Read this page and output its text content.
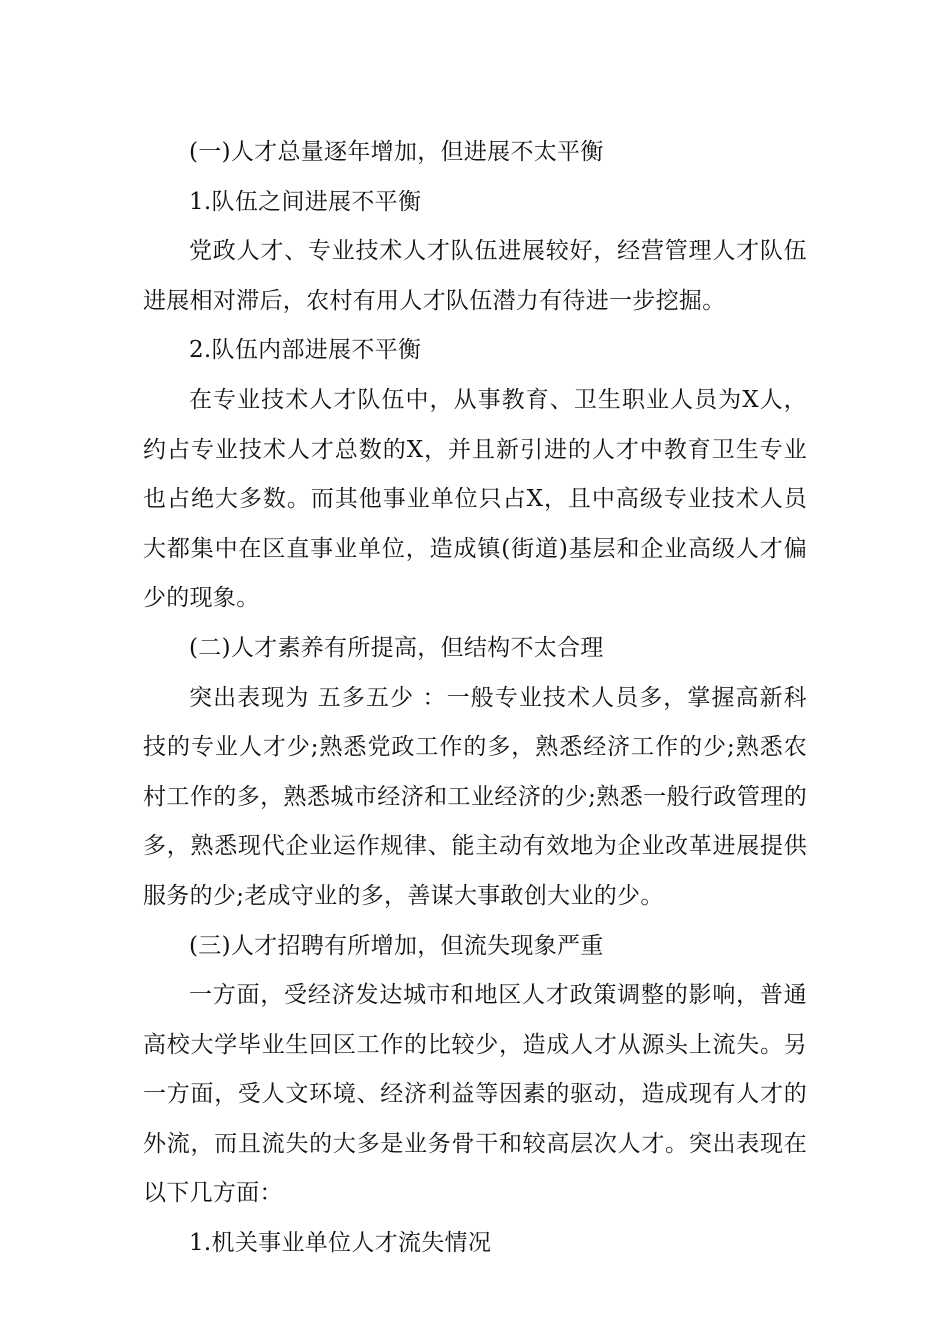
(一)人才总量逐年增加，但进展不太平衡

1.队伍之间进展不平衡

党政人才、专业技术人才队伍进展较好，经营管理人才队伍进展相对滞后，农村有用人才队伍潜力有待进一步挖掘。

2.队伍内部进展不平衡

在专业技术人才队伍中，从事教育、卫生职业人员为X人，约占专业技术人才总数的X，并且新引进的人才中教育卫生专业也占绝大多数。而其他事业单位只占X，且中高级专业技术人员大都集中在区直事业单位，造成镇(街道)基层和企业高级人才偏少的现象。

(二)人才素养有所提高，但结构不太合理

突出表现为 五多五少 ：一般专业技术人员多，掌握高新科技的专业人才少;熟悉党政工作的多，熟悉经济工作的少;熟悉农村工作的多，熟悉城市经济和工业经济的少;熟悉一般行政管理的多，熟悉现代企业运作规律、能主动有效地为企业改革进展提供服务的少;老成守业的多，善谋大事敢创大业的少。

(三)人才招聘有所增加，但流失现象严重

一方面，受经济发达城市和地区人才政策调整的影响，普通高校大学毕业生回区工作的比较少，造成人才从源头上流失。另一方面，受人文环境、经济利益等因素的驱动，造成现有人才的外流，而且流失的大多是业务骨干和较高层次人才。突出表现在以下几方面：

1.机关事业单位人才流失情况
